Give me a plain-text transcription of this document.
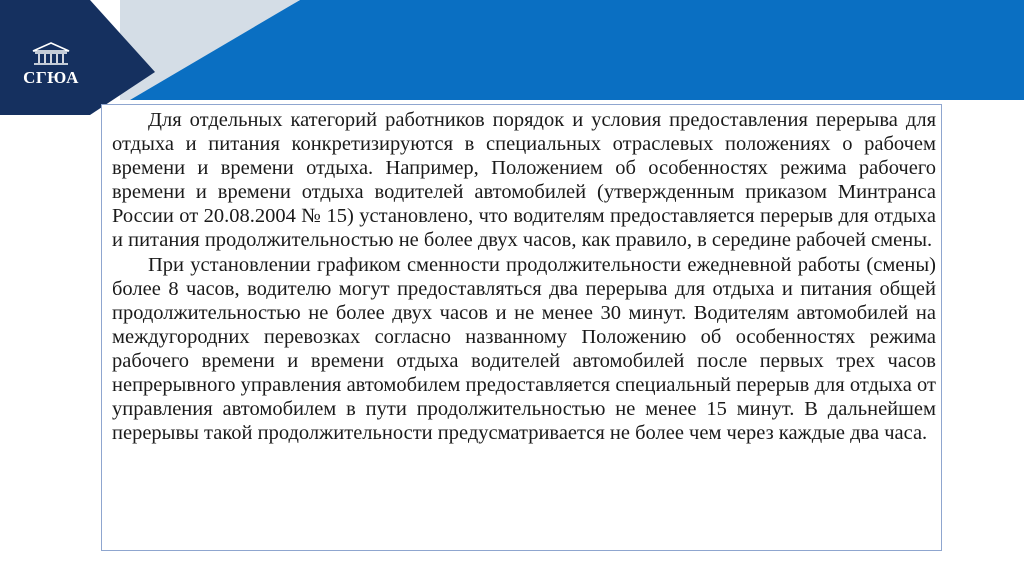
СГЮА

Для отдельных категорий работников порядок и условия предоставления перерыва для отдыха и питания конкретизируются в специальных отраслевых положениях о рабочем времени и времени отдыха. Например, Положением об особенностях режима рабочего времени и времени отдыха водителей автомобилей (утвержденным приказом Минтранса России от 20.08.2004 № 15) установлено, что водителям предоставляется перерыв для отдыха и питания продолжительностью не более двух часов, как правило, в середине рабочей смены.

При установлении графиком сменности продолжительности ежедневной работы (смены) более 8 часов, водителю могут предоставляться два перерыва для отдыха и питания общей продолжительностью не более двух часов и не менее 30 минут. Водителям автомобилей на междугородних перевозках согласно названному Положению об особенностях режима рабочего времени и времени отдыха водителей автомобилей после первых трех часов непрерывного управления автомобилем предоставляется специальный перерыв для отдыха от управления автомобилем в пути продолжительностью не менее 15 минут. В дальнейшем перерывы такой продолжительности предусматривается не более чем через каждые два часа.
